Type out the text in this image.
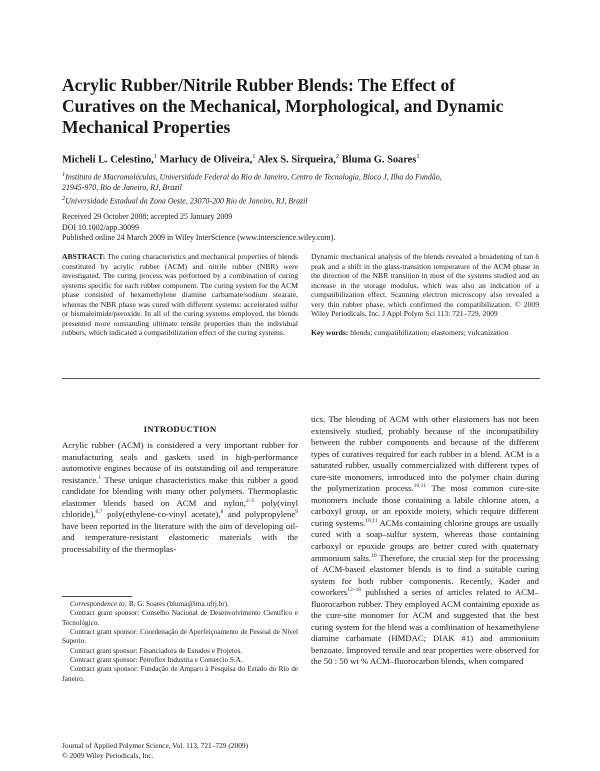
Acrylic Rubber/Nitrile Rubber Blends: The Effect of
Curatives on the Mechanical, Morphological, and Dynamic
Mechanical Properties
Micheli L. Celestino,$^1$ Marlucy de Oliveira,$^1$ Alex S. Sirqueira,$^2$ Bluma G. Soares$^1$
$^1$Instituto de Macromoléculas, Universidade Federal do Rio de Janeiro, Centro de Tecnologia, Bloco J, Ilha do Fundão,
21945-970, Rio de Janeiro, RJ, Brazil
$^2$Universidade Estadual da Zona Oeste, 23070-200 Rio de Janeiro, RJ, Brazil
Received 29 October 2008; accepted 25 January 2009
DOI 10.1002/app.30099
Published online 24 March 2009 in Wiley InterScience (www.interscience.wiley.com).
ABSTRACT: The curing characteristics and mechanical properties of blends constituted by acrylic rubber (ACM) and nitrile rubber (NBR) were investigated. The curing process was performed by a combination of curing systems specific for each rubber component. The curing system for the ACM phase consisted of hexamethylene diamine carbamate/sodium stearate, whereas the NBR phase was cured with different systems: accelerated sulfur or bismaleimide/peroxide. In all of the curing systems employed, the blends presented more outstanding ultimate tensile properties than the individual rubbers, which indicated a compatibilization effect of the curing systems.
Dynamic mechanical analysis of the blends revealed a broadening of tan δ peak and a shift in the glass-transition temperature of the ACM phase in the direction of the NBR transition in most of the systems studied and an increase in the storage modulus, which was also an indication of a compatibilization effect. Scanning electron microscopy also revealed a very thin rubber phase, which confirmed the compatibilization. © 2009 Wiley Periodicals, Inc. J Appl Polym Sci 113: 721–729, 2009
Key words: blends; compatibilization; elastomers; vulcanization
INTRODUCTION
Acrylic rubber (ACM) is considered a very important rubber for manufacturing seals and gaskets used in high-performance automotive engines because of its outstanding oil and temperature resistance.$^1$ These unique characteristics make this rubber a good candidate for blending with many other polymers. Thermoplastic elastomer blends based on ACM and nylon,$^{2-5}$ poly(vinyl chloride),$^{6,7}$ poly(ethylene-co-vinyl acetate),$^8$ and polypropylene$^9$ have been reported in the literature with the aim of developing oil- and temperature-resistant elastomeric materials with the processability of the thermoplas-

Correspondence to: B. G. Soares (bluma@ima.ufrj.br).

Contract grant sponsor: Conselho Nacional de Desenvolvimento Científico e Tecnológico.

Contract grant sponsor: Coordenação de Aperfeiçoamento de Pessoal de Nível Superio.

Contract grant sponsor: Financiadora de Estudos e Projetos.

Contract grant sponsor: Petroflex Industria e Comercio S.A.

Contract grant sponsor: Fundação de Amparo à Pesquisa do Estado do Rio de Janeiro.

Journal of Applied Polymer Science, Vol. 113, 721–729 (2009)
© 2009 Wiley Periodicals, Inc.
tics. The blending of ACM with other elastomers has not been extensively studied, probably because of the incompatibility between the rubber components and because of the different types of curatives required for each rubber in a blend. ACM is a saturated rubber, usually commercialized with different types of cure-site monomers, introduced into the polymer chain during the polymerization process.$^{10,11}$ The most common cure-site monomers include those containing a labile chlorine atom, a carboxyl group, or an epoxide moiety, which require different curing systems.$^{10,11}$ ACMs containing chlorine groups are usually cured with a soap–sulfur system, whereas those containing carboxyl or epoxide groups are better cured with quaternary ammonium salts.$^{10}$ Therefore, the crucial step for the processing of ACM-based elastomer blends is to find a suitable curing system for both rubber components. Recently, Kader and coworkers$^{12-16}$ published a series of articles related to ACM–fluorocarbon rubber. They employed ACM containing epoxide as the cure-site monomer for ACM and suggested that the best curing system for the blend was a combination of hexamethylene diamine carbamate (HMDAC; DIAK #1) and ammonium benzoate. Improved tensile and tear properties were observed for the 50 : 50 wt % ACM–fluorocarbon blends, when compared
